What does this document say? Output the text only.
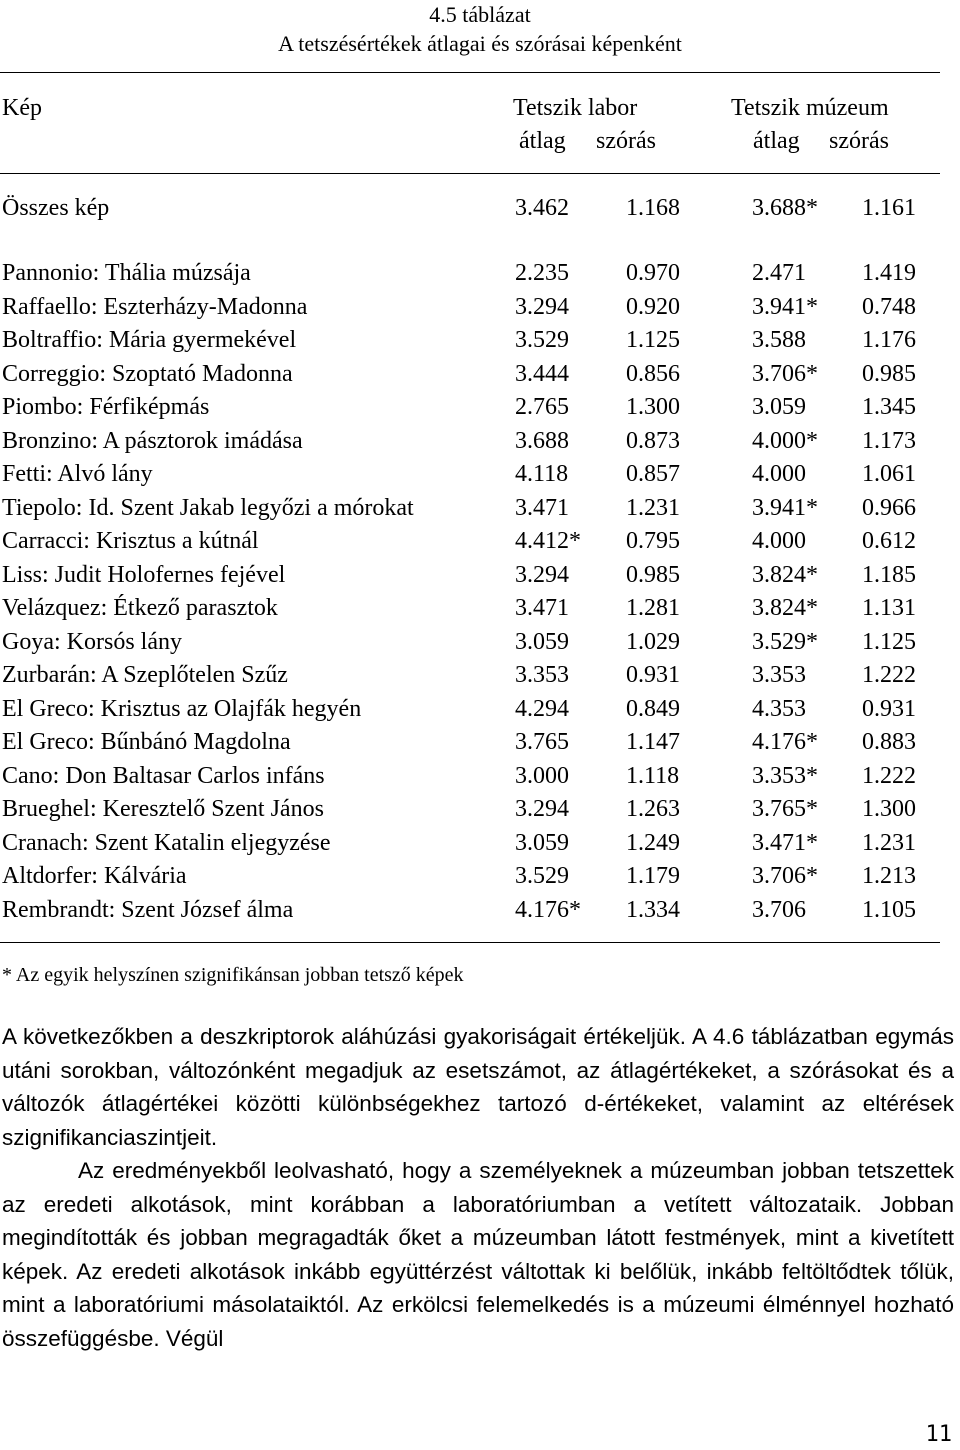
4.5 táblázat
A tetszésértékek átlagai és szórásai képenként
Kép	Tetszik labor	Tetszik múzeum
átlag szórás	átlag szórás
Összes kép	3.462 1.168	3.688* 1.161
Pannonio: Thália múzsája	2.235 0.970	2.471 1.419
Raffaello: Eszterházy-Madonna	3.294 0.920	3.941* 0.748
Boltraffio: Mária gyermekével	3.529 1.125	3.588 1.176
Correggio: Szoptató Madonna	3.444 0.856	3.706* 0.985
Piombo: Férfiképmás	2.765 1.300	3.059 1.345
Bronzino: A pásztorok imádása	3.688 0.873	4.000* 1.173
Fetti: Alvó lány	4.118 0.857	4.000 1.061
Tiepolo: Id. Szent Jakab legyőzi a mórokat	3.471 1.231	3.941* 0.966
Carracci: Krisztus a kútnál	4.412* 0.795	4.000 0.612
Liss: Judit Holofernes fejével	3.294 0.985	3.824* 1.185
Velázquez: Étkező parasztok	3.471 1.281	3.824* 1.131
Goya: Korsós lány	3.059 1.029	3.529* 1.125
Zurbarán: A Szeplőtelen Szűz	3.353 0.931	3.353 1.222
El Greco: Krisztus az Olajfák hegyén	4.294 0.849	4.353 0.931
El Greco: Bűnbánó Magdolna	3.765 1.147	4.176* 0.883
Cano: Don Baltasar Carlos infáns	3.000 1.118	3.353* 1.222
Brueghel: Keresztelő Szent János	3.294 1.263	3.765* 1.300
Cranach: Szent Katalin eljegyzése	3.059 1.249	3.471* 1.231
Altdorfer: Kálvária	3.529 1.179	3.706* 1.213
Rembrandt: Szent József álma	4.176* 1.334	3.706 1.105
* Az egyik helyszínen szignifikánsan jobban tetsző képek
A következőkben a deszkriptorok aláhúzási gyakoriságait értékeljük. A 4.6 táblázatban egymás utáni sorokban, változónként megadjuk az esetszámot, az átlagértékeket, a szórásokat és a változók átlagértékei közötti különbségekhez tartozó d-értékeket, valamint az eltérések szignifikanciaszintjeit.
Az eredményekből leolvasható, hogy a személyeknek a múzeumban jobban tetszettek az eredeti alkotások, mint korábban a laboratóriumban a vetített változataik. Jobban megindították és jobban megragadták őket a múzeumban látott festmények, mint a kivetített képek. Az eredeti alkotások inkább együttérzést váltottak ki belőlük, inkább feltöltődtek tőlük, mint a laboratóriumi másolataiktól. Az erkölcsi felemelkedés is a múzeumi élménnyel hozható összefüggésbe. Végül
11
